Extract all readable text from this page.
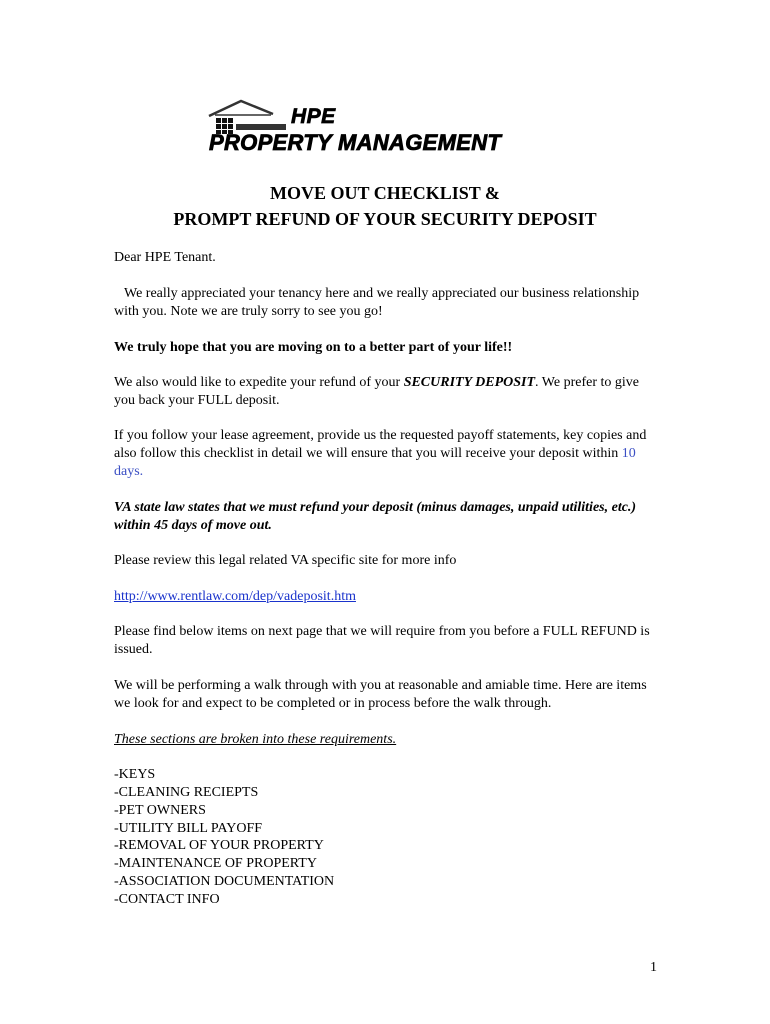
HPE
PROPERTY MANAGEMENT
MOVE OUT CHECKLIST &
PROMPT REFUND OF YOUR SECURITY DEPOSIT
Dear HPE Tenant.
We really appreciated your tenancy here and we really appreciated our business relationship with you. Note we are truly sorry to see you go!
We truly hope that you are moving on to a better part of your life!!
We also would like to expedite your refund of your SECURITY DEPOSIT. We prefer to give you back your FULL deposit.
If you follow your lease agreement, provide us the requested payoff statements, key copies and also follow this checklist in detail we will ensure that you will receive your deposit within 10 days.
VA state law states that we must refund your deposit (minus damages, unpaid utilities, etc.) within 45 days of move out.
Please review this legal related VA specific site for more info
http://www.rentlaw.com/dep/vadeposit.htm
Please find below items on next page that we will require from you before a FULL REFUND is issued.
We will be performing a walk through with you at reasonable and amiable time. Here are items we look for and expect to be completed or in process before the walk through.
These sections are broken into these requirements.
-KEYS
-CLEANING RECIEPTS
-PET OWNERS
-UTILITY BILL PAYOFF
-REMOVAL OF YOUR PROPERTY
-MAINTENANCE OF PROPERTY
-ASSOCIATION DOCUMENTATION
-CONTACT INFO
1
